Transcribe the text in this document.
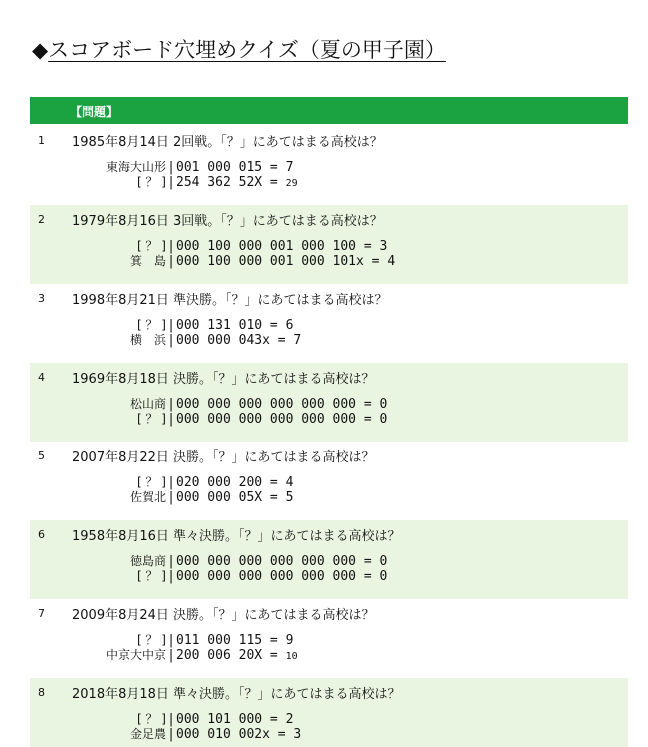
◆スコアボード穴埋めクイズ（夏の甲子園）
【問題】
1 1985年8月14日 2回戦。「？」にあてはまる高校は？
東海大山形|001 000 015 = 7
[ ？ ]|254 362 52X = 29
2 1979年8月16日 3回戦。「？」にあてはまる高校は？
[ ？ ]|000 100 000 001 000 100 = 3
箕　島|000 100 000 001 000 101x = 4
3 1998年8月21日 準決勝。「？」にあてはまる高校は？
[ ？ ]|000 131 010 = 6
横　浜|000 000 043x = 7
4 1969年8月18日 決勝。「？」にあてはまる高校は？
松山商|000 000 000 000 000 000 = 0
[ ？ ]|000 000 000 000 000 000 = 0
5 2007年8月22日 決勝。「？」にあてはまる高校は？
[ ？ ]|020 000 200 = 4
佐賀北|000 000 05X = 5
6 1958年8月16日 準々決勝。「？」にあてはまる高校は？
徳島商|000 000 000 000 000 000 = 0
[ ？ ]|000 000 000 000 000 000 = 0
7 2009年8月24日 決勝。「？」にあてはまる高校は？
[ ？ ]|011 000 115 = 9
中京大中京|200 006 20X = 10
8 2018年8月18日 準々決勝。「？」にあてはまる高校は？
[ ？ ]|000 101 000 = 2
金足農|000 010 002x = 3
